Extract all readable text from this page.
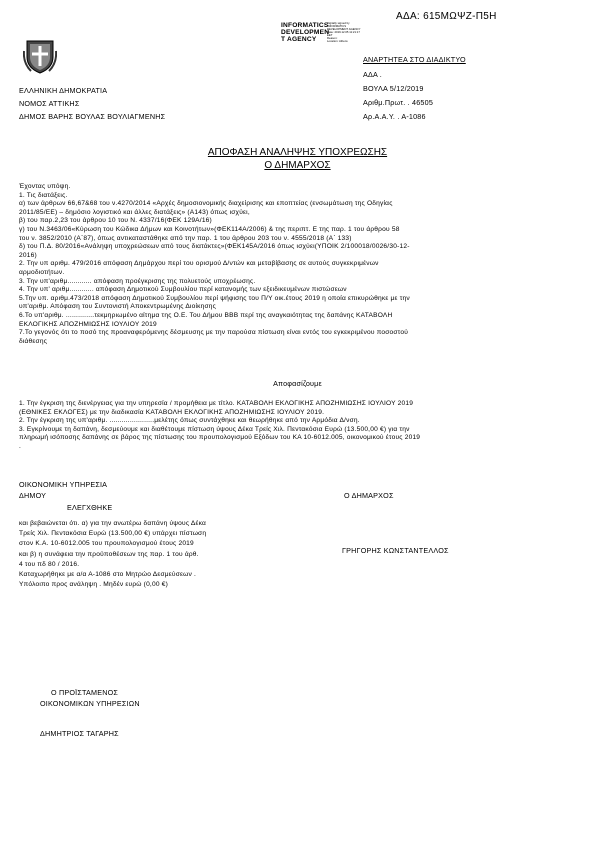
ΑΔΑ: 615ΜΩΨΖ-Π5Η
INFORMATICS
DEVELOPMEN
T AGENCY
Digitally signed by
INFORMATICS
DEVELOPMENT AGENCY
Date: 2019.12.05 11:21:17
EET
Reason:
Location: Athens
ΑΝΑΡΤΗΤΕΑ ΣΤΟ ΔΙΑΔΙΚΤΥΟ
ΕΛΛΗΝΙΚΗ ΔΗΜΟΚΡΑΤΙΑ
ΝΟΜΟΣ ΑΤΤΙΚΗΣ
ΔΗΜΟΣ ΒΑΡΗΣ ΒΟΥΛΑΣ ΒΟΥΛΙΑΓΜΕΝΗΣ
ΑΔΑ .
ΒΟΥΛΑ 5/12/2019
Αριθμ.Πρωτ. . 46505
Αρ.Α.Α.Υ. . Α-1086
ΑΠΟΦΑΣΗ ΑΝΑΛΗΨΗΣ ΥΠΟΧΡΕΩΣΗΣ
Ο ΔΗΜΑΡΧΟΣ
Έχοντας υπόψη.
1. Τις διατάξεις.
α) των άρθρων 66,67&68 του ν.4270/2014 «Αρχές δημοσιονομικής διαχείρισης και εποπτείας (ενσωμάτωση της Οδηγίας
2011/85/ΕΕ) – δημόσιο λογιστικό και άλλες διατάξεις» (Α143) όπως ισχύει,
β) του παρ.2,23 του άρθρου 10 του Ν. 4337/16(ΦΕΚ 129Α/16)
γ) του Ν.3463/06«Κύρωση του Κώδικα Δήμων και Κοινοτήτων»(ΦΕΚ114Α/2006) & της περιπτ. Ε της παρ. 1 του άρθρου 58
του ν. 3852/2010 (Α΄87), όπως αντικαταστάθηκε από την παρ. 1 του άρθρου 203 του ν. 4555/2018 (Α΄ 133)
δ) του Π.Δ. 80/2016«Ανάληψη υποχρεώσεων από τους διατάκτες»(ΦΕΚ145Α/2016 όπως ισχύει(ΥΠΟΙΚ 2/100018/0026/30-12-
2016)
2. Την υπ αριθμ. 479/2016 απόφαση Δημάρχου περί του ορισμού Δ/ντών και μεταβίβασης σε αυτούς συγκεκριμένων
αρμοδιοτήτων.
3. Την υπ'αριθμ............ απόφαση προέγκρισης της πολυετούς υποχρέωσης.
4. Την υπ' αριθμ............ απόφαση Δημοτικού Συμβουλίου περί κατανομής των εξειδικευμένων πιστώσεων
5.Την υπ. αριθμ.473/2018 απόφαση Δημοτικού Συμβουλίου περί ψήφισης του Π/Υ οικ.έτους 2019 η οποία επικυρώθηκε με την
υπ'αριθμ. Απόφαση του Συντονιστή Αποκεντρωμένης Διοίκησης
6.Το υπ'αριθμ. ..............τεκμηριωμένο αίτημα της Ο.Ε. Του Δήμου ΒΒΒ περί της αναγκαιότητας της δαπάνης ΚΑΤΑΒΟΛΗ
ΕΚΛΟΓΙΚΗΣ ΑΠΟΖΗΜΙΩΣΗΣ ΙΟΥΛΙΟΥ 2019
7.Το γεγονός ότι το ποσό της προαναφερόμενης δέσμευσης με την παρούσα πίστωση είναι εντός του εγκεκριμένου ποσοστού
διάθεσης
Αποφασίζουμε
1. Την έγκριση της διενέργειας για την υπηρεσία / προμήθεια με τίτλο. ΚΑΤΑΒΟΛΗ ΕΚΛΟΓΙΚΗΣ ΑΠΟΖΗΜΙΩΣΗΣ ΙΟΥΛΙΟΥ 2019
(ΕΘΝΙΚΕΣ ΕΚΛΟΓΕΣ) με την διαδικασία ΚΑΤΑΒΟΛΗ ΕΚΛΟΓΙΚΗΣ ΑΠΟΖΗΜΙΩΣΗΣ ΙΟΥΛΙΟΥ 2019.
2. Την έγκριση της υπ'αριθμ. ......................μελέτης όπως συντάχθηκε και θεωρήθηκε από την Αρμόδια Δ/νση.
3. Εγκρίνουμε τη δαπάνη, δεσμεύουμε και διαθέτουμε πίστωση ύψους Δέκα Τρείς Χιλ. Πεντακόσια Ευρώ (13.500,00 €) για την
πληρωμή ισόποσης δαπάνης σε βάρος της πίστωσης του προυπολογισμού Εξόδων του ΚΑ 10-6012.005, οικονομικού έτους 2019
.
ΟΙΚΟΝΟΜΙΚΗ ΥΠΗΡΕΣΙΑ
ΔΗΜΟΥ
ΕΛΕΓΧΘΗΚΕ
και βεβαιώνεται ότι. α) για την ανωτέρω δαπάνη ύψους Δέκα
Τρείς Χιλ. Πεντακόσια Ευρώ (13.500,00 €) υπάρχει πίστωση
στον Κ.Α. 10-6012.005 του προυπολογισμού έτους 2019
και β) η συνάφεια την προϋποθέσεων της παρ. 1 του άρθ.
4 του πδ 80 / 2016.
Καταχωρήθηκε με α/α Α-1086 στο Μητρώο Δεσμεύσεων .
Υπόλοιπο προς ανάληψη . Μηδέν ευρώ (0,00 €)
Ο ΔΗΜΑΡΧΟΣ
ΓΡΗΓΟΡΗΣ ΚΩΝΣΤΑΝΤΕΛΛΟΣ
Ο ΠΡΟΪΣΤΑΜΕΝΟΣ
ΟΙΚΟΝΟΜΙΚΩΝ ΥΠΗΡΕΣΙΩΝ
ΔΗΜΗΤΡΙΟΣ ΤΑΓΑΡΗΣ
